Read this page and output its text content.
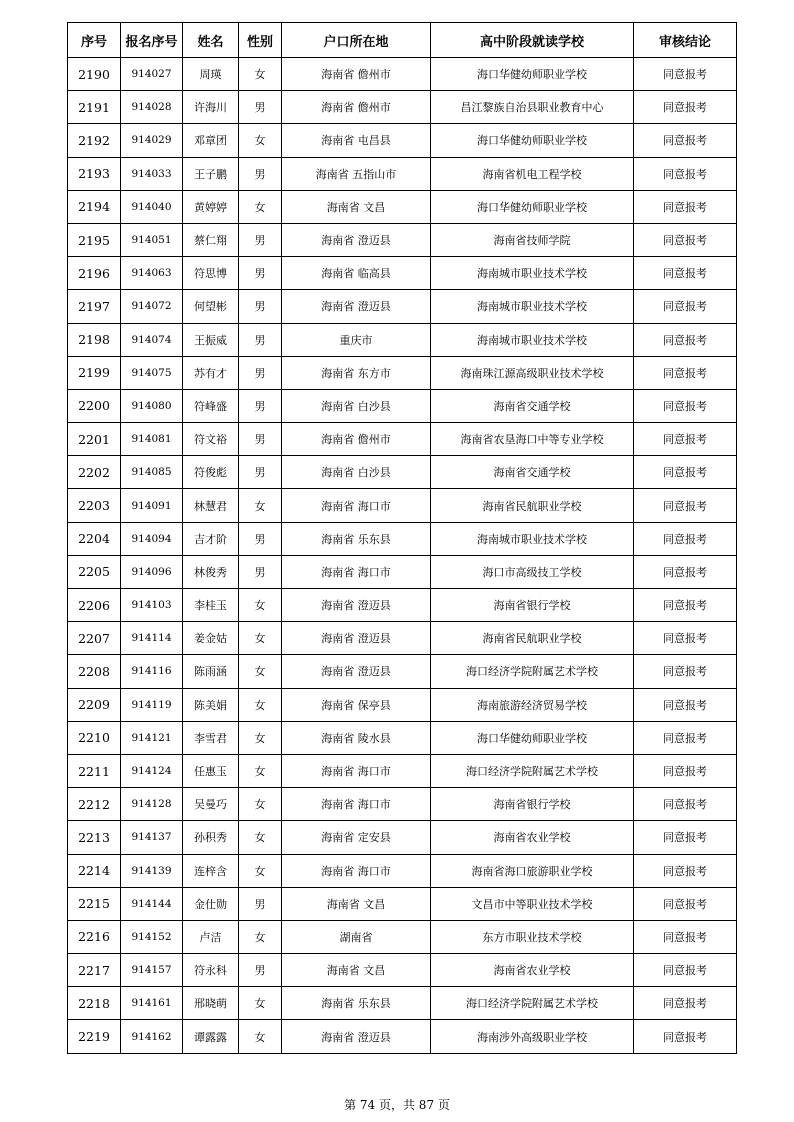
序号	报名序号	姓名	性别	户口所在地	高中阶段就读学校	审核结论
2190	914027	周瑛	女	海南省 儋州市	海口华健幼师职业学校	同意报考
2191	914028	许海川	男	海南省 儋州市	昌江黎族自治县职业教育中心	同意报考
2192	914029	邓章团	女	海南省 屯昌县	海口华健幼师职业学校	同意报考
2193	914033	王子鹏	男	海南省 五指山市	海南省机电工程学校	同意报考
2194	914040	黄婷婷	女	海南省 文昌	海口华健幼师职业学校	同意报考
2195	914051	蔡仁翔	男	海南省 澄迈县	海南省技师学院	同意报考
2196	914063	符思博	男	海南省 临高县	海南城市职业技术学校	同意报考
2197	914072	何望彬	男	海南省 澄迈县	海南城市职业技术学校	同意报考
2198	914074	王振威	男	重庆市	海南城市职业技术学校	同意报考
2199	914075	苏有才	男	海南省 东方市	海南珠江源高级职业技术学校	同意报考
2200	914080	符峰盛	男	海南省 白沙县	海南省交通学校	同意报考
2201	914081	符文裕	男	海南省 儋州市	海南省农垦海口中等专业学校	同意报考
2202	914085	符俊彪	男	海南省 白沙县	海南省交通学校	同意报考
2203	914091	林慧君	女	海南省 海口市	海南省民航职业学校	同意报考
2204	914094	吉才阶	男	海南省 乐东县	海南城市职业技术学校	同意报考
2205	914096	林俊秀	男	海南省 海口市	海口市高级技工学校	同意报考
2206	914103	李桂玉	女	海南省 澄迈县	海南省银行学校	同意报考
2207	914114	姜金姑	女	海南省 澄迈县	海南省民航职业学校	同意报考
2208	914116	陈雨涵	女	海南省 澄迈县	海口经济学院附属艺术学校	同意报考
2209	914119	陈美娟	女	海南省 保亭县	海南旅游经济贸易学校	同意报考
2210	914121	李雪君	女	海南省 陵水县	海口华健幼师职业学校	同意报考
2211	914124	任惠玉	女	海南省 海口市	海口经济学院附属艺术学校	同意报考
2212	914128	吴曼巧	女	海南省 海口市	海南省银行学校	同意报考
2213	914137	孙积秀	女	海南省 定安县	海南省农业学校	同意报考
2214	914139	连梓含	女	海南省 海口市	海南省海口旅游职业学校	同意报考
2215	914144	金仕勋	男	海南省 文昌	文昌市中等职业技术学校	同意报考
2216	914152	卢洁	女	湖南省	东方市职业技术学校	同意报考
2217	914157	符永科	男	海南省 文昌	海南省农业学校	同意报考
2218	914161	邢晓萌	女	海南省 乐东县	海口经济学院附属艺术学校	同意报考
2219	914162	谭露露	女	海南省 澄迈县	海南涉外高级职业学校	同意报考
第 74 页，共 87 页
